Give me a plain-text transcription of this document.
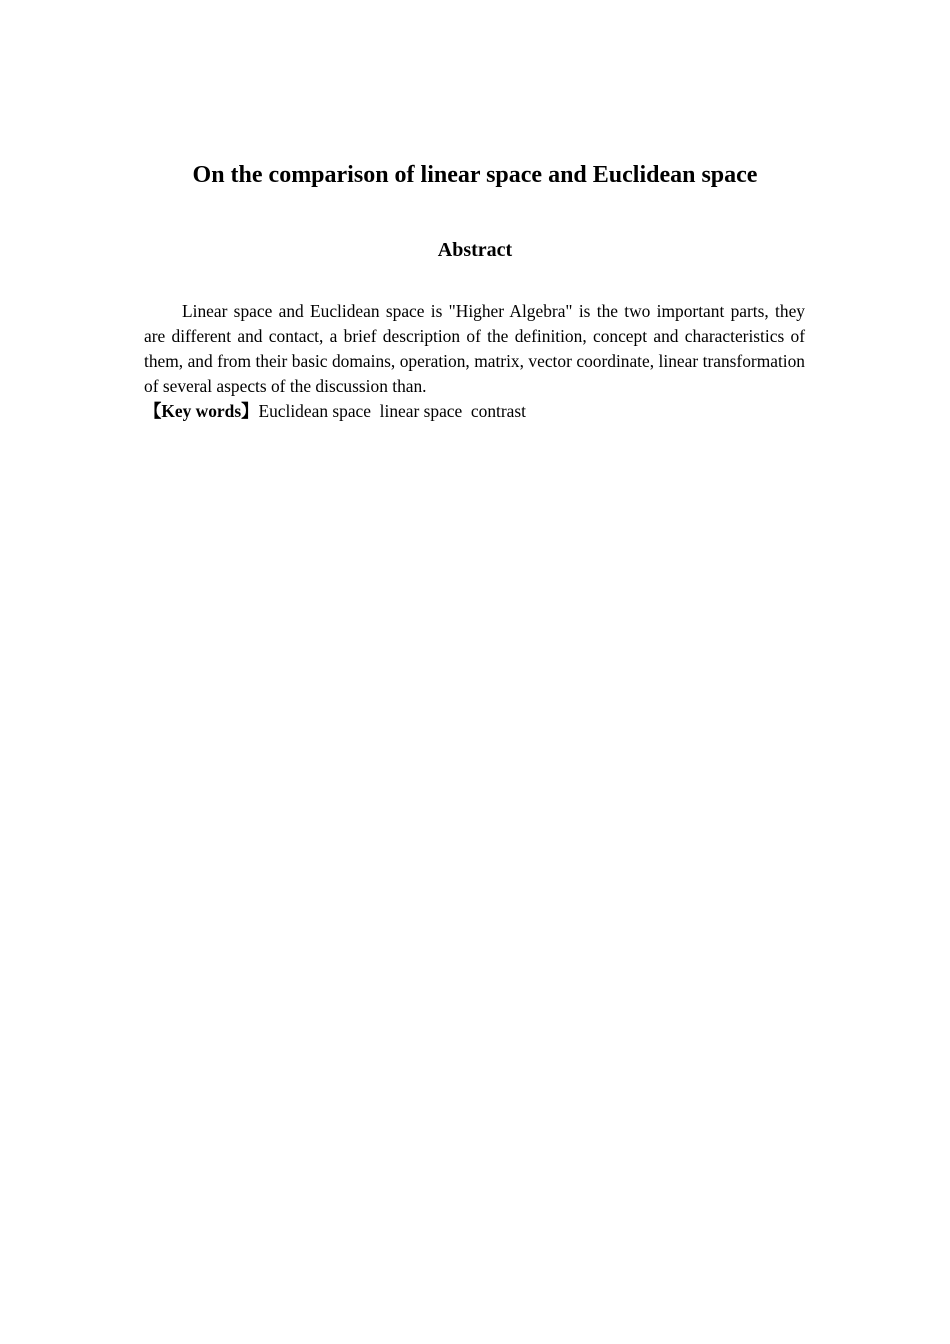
On the comparison of linear space and Euclidean space
Abstract

Linear space and Euclidean space is "Higher Algebra" is the two important parts, they are different and contact, a brief description of the definition, concept and characteristics of them, and from their basic domains, operation, matrix, vector coordinate, linear transformation of several aspects of the discussion than.

【Key words】Euclidean space  linear space  contrast
